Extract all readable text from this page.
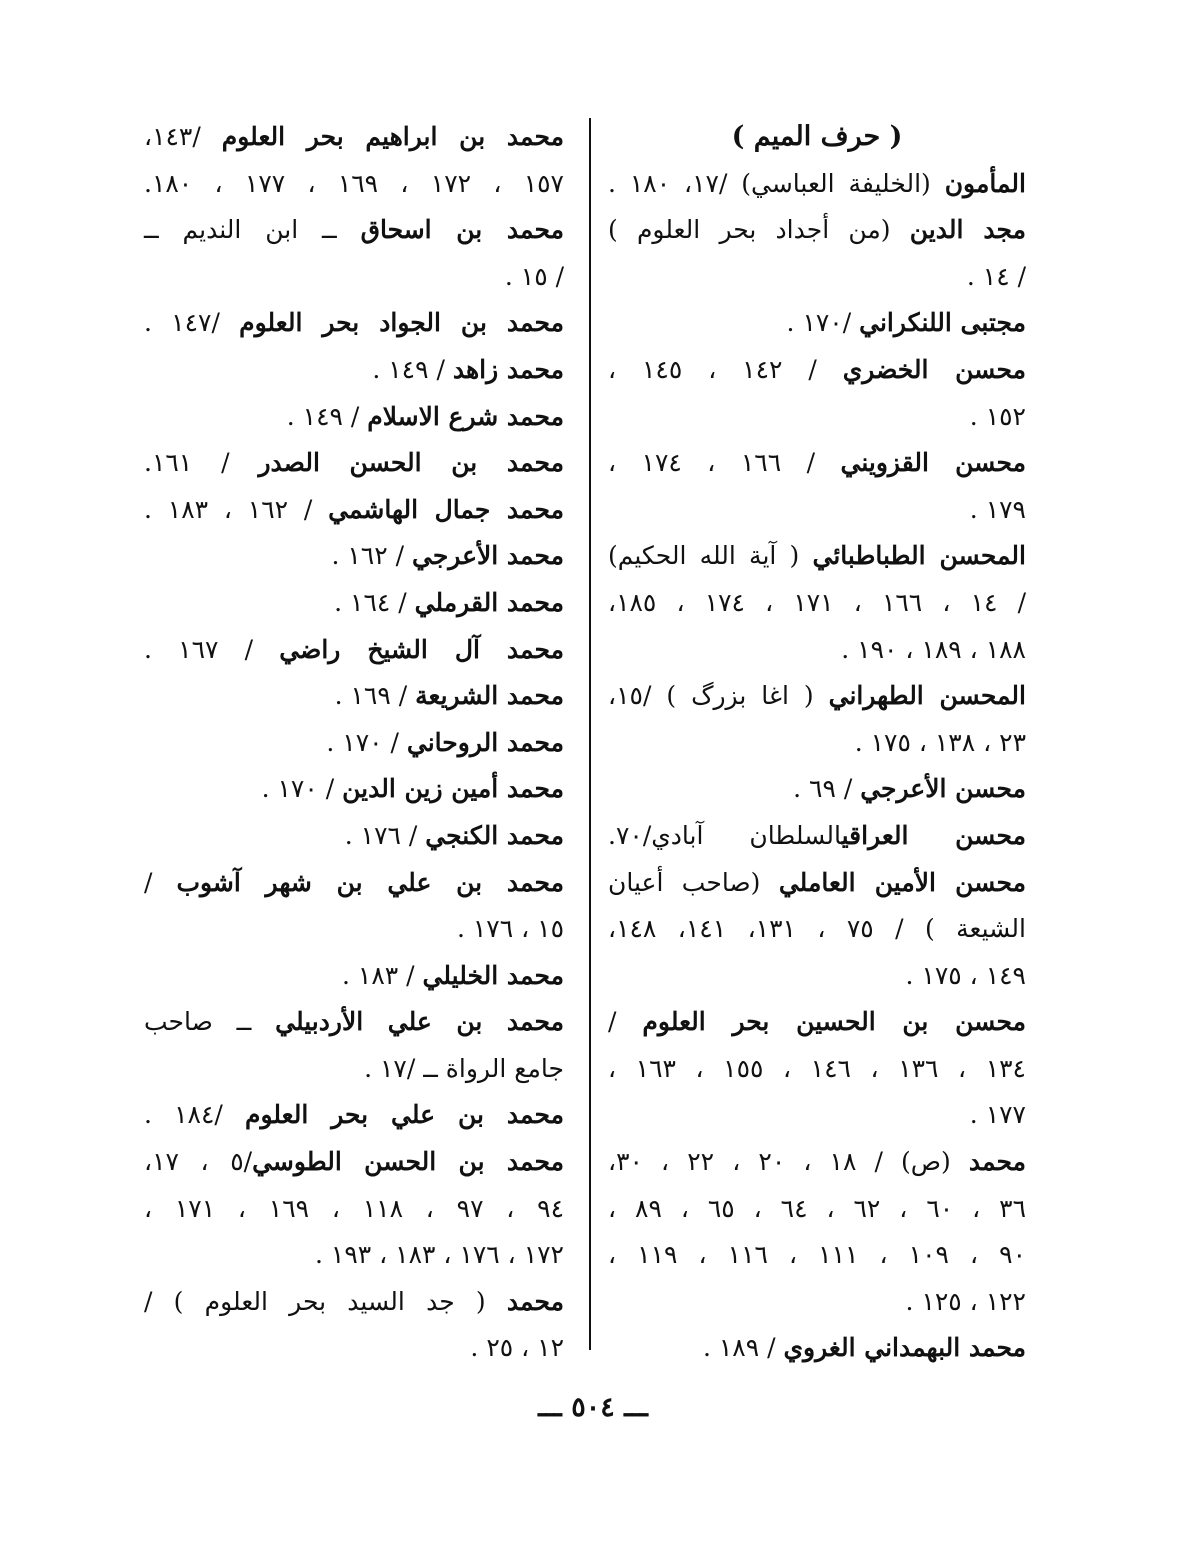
( حرف الميم )
المأمون (الخليفة العباسي) /١٧، ١٨٠ .
مجد الدين (من أجداد بحر العلوم )
/ ١٤ .
مجتبى اللنكراني /١٧٠ .
محسن الخضري / ١٤٢ ، ١٤٥ ،
١٥٢ .
محسن القزويني / ١٦٦ ، ١٧٤ ،
١٧٩ .
المحسن الطباطبائي ( آية الله الحكيم)
/ ١٤ ، ١٦٦ ، ١٧١ ، ١٧٤ ، ١٨٥،
١٨٨ ، ١٨٩ ، ١٩٠ .
المحسن الطهراني ( اغا بزرگ ) /١٥،
٢٣ ، ١٣٨ ، ١٧٥ .
محسن الأعرجي / ٦٩ .
محسن العراقيالسلطان آبادي/٧٠.
محسن الأمين العاملي (صاحب أعيان
الشيعة ) / ٧٥ ، ١٣١، ١٤١، ١٤٨،
١٤٩ ، ١٧٥ .
محسن بن الحسين بحر العلوم /
١٣٤ ، ١٣٦ ، ١٤٦ ، ١٥٥ ، ١٦٣ ،
١٧٧ .
محمد (ص) / ١٨ ، ٢٠ ، ٢٢ ، ٣٠،
٣٦ ، ٦٠ ، ٦٢ ، ٦٤ ، ٦٥ ، ٨٩ ،
٩٠ ، ١٠٩ ، ١١١ ، ١١٦ ، ١١٩ ،
١٢٢ ، ١٢٥ .
محمد البهمداني الغروي / ١٨٩ .
محمد بن ابراهيم بحر العلوم /١٤٣،
١٥٧ ، ١٧٢ ، ١٦٩ ، ١٧٧ ، ١٨٠.
محمد بن اسحاق ــ ابن النديم ــ
/ ١٥ .
محمد بن الجواد بحر العلوم /١٤٧ .
محمد زاهد / ١٤٩ .
محمد شرع الاسلام / ١٤٩ .
محمد بن الحسن الصدر / ١٦١.
محمد جمال الهاشمي / ١٦٢ ، ١٨٣ .
محمد الأعرجي / ١٦٢ .
محمد القرملي / ١٦٤ .
محمد آل الشيخ راضي / ١٦٧ .
محمد الشريعة / ١٦٩ .
محمد الروحاني / ١٧٠ .
محمد أمين زين الدين / ١٧٠ .
محمد الكنجي / ١٧٦ .
محمد بن علي بن شهر آشوب /
١٥ ، ١٧٦ .
محمد الخليلي / ١٨٣ .
محمد بن علي الأردبيلي ــ صاحب
جامع الرواة ــ /١٧ .
محمد بن علي بحر العلوم /١٨٤ .
محمد بن الحسن الطوسي/٥ ، ١٧،
٩٤ ، ٩٧ ، ١١٨ ، ١٦٩ ، ١٧١ ،
١٧٢ ، ١٧٦ ، ١٨٣ ، ١٩٣ .
محمد ( جد السيد بحر العلوم ) /
١٢ ، ٢٥ .
ـــ ٥٠٤ ـــ
